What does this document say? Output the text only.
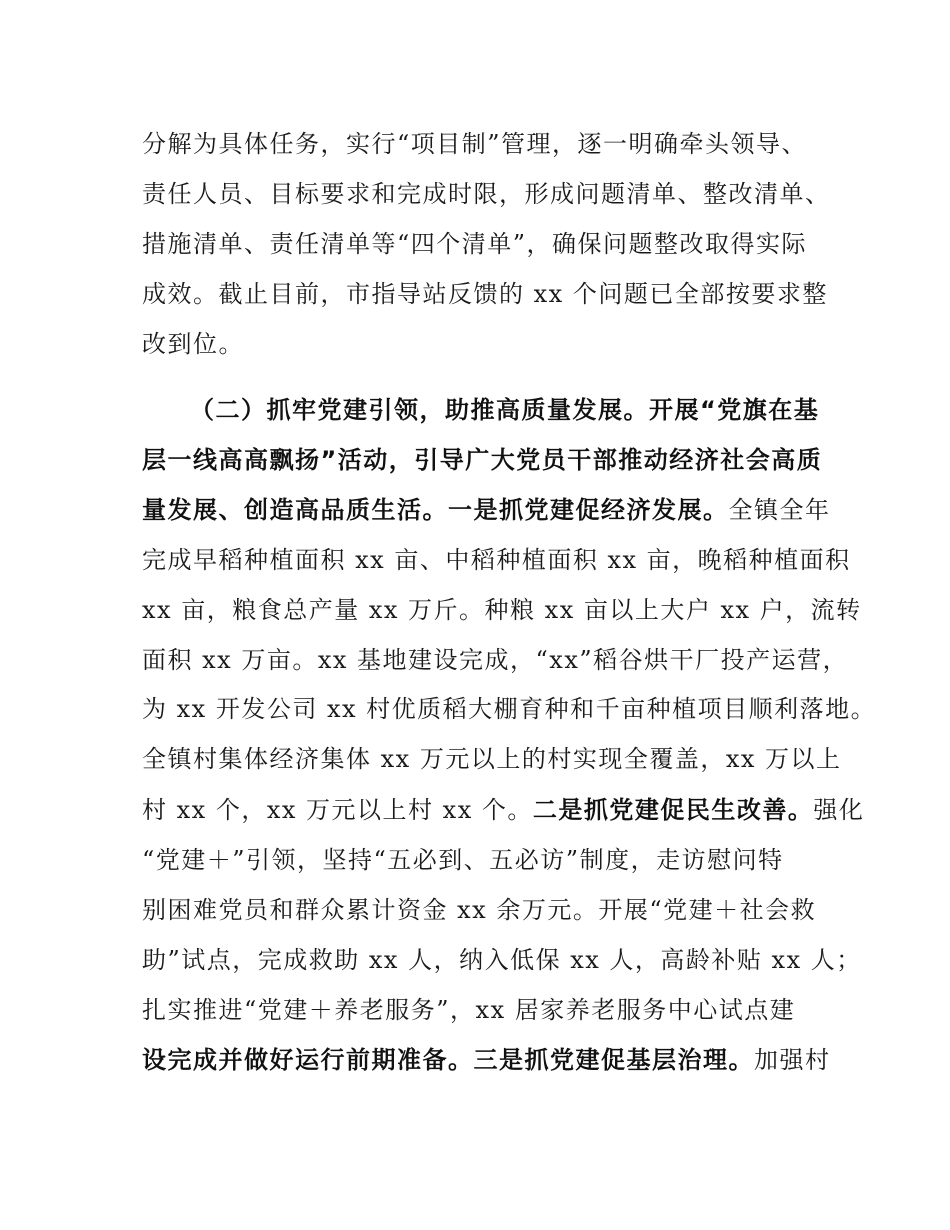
分解为具体任务，实行“项目制”管理，逐一明确牵头领导、
责任人员、目标要求和完成时限，形成问题清单、整改清单、
措施清单、责任清单等“四个清单”，确保问题整改取得实际
成效。截止目前，市指导站反馈的 xx 个问题已全部按要求整
改到位。
（二）抓牢党建引领，助推高质量发展。开展“党旗在基
层一线高高飘扬”活动，引导广大党员干部推动经济社会高质
量发展、创造高品质生活。一是抓党建促经济发展。全镇全年
完成早稻种植面积 xx 亩、中稻种植面积 xx 亩，晚稻种植面积
xx 亩，粮食总产量 xx 万斤。种粮 xx 亩以上大户 xx 户，流转
面积 xx 万亩。xx 基地建设完成，“xx”稻谷烘干厂投产运营，
为 xx 开发公司 xx 村优质稻大棚育种和千亩种植项目顺利落地。
全镇村集体经济集体 xx 万元以上的村实现全覆盖，xx 万以上
村 xx 个，xx 万元以上村 xx 个。二是抓党建促民生改善。强化
“党建＋”引领，坚持“五必到、五必访”制度，走访慰问特
别困难党员和群众累计资金 xx 余万元。开展“党建＋社会救
助”试点，完成救助 xx 人，纳入低保 xx 人，高龄补贴 xx 人；
扎实推进“党建＋养老服务”，xx 居家养老服务中心试点建
设完成并做好运行前期准备。三是抓党建促基层治理。加强村
